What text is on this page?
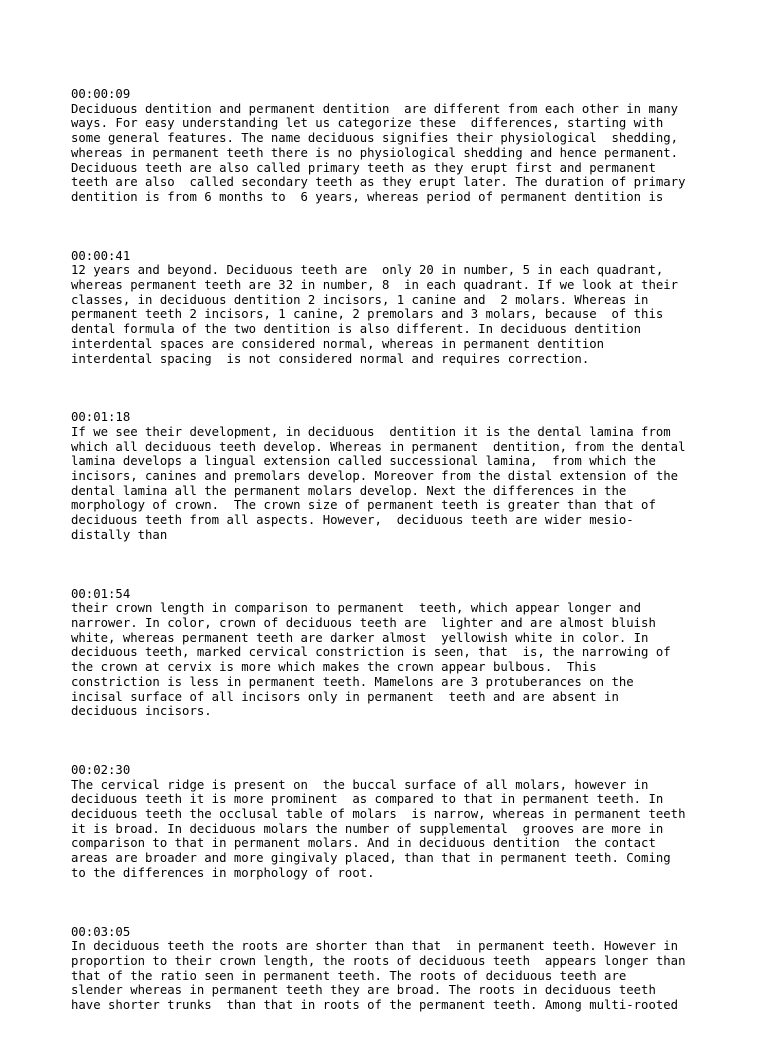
00:00:09
Deciduous dentition and permanent dentition  are different from each other in many
ways. For easy understanding let us categorize these  differences, starting with
some general features. The name deciduous signifies their physiological  shedding,
whereas in permanent teeth there is no physiological shedding and hence permanent.
Deciduous teeth are also called primary teeth as they erupt first and permanent
teeth are also  called secondary teeth as they erupt later. The duration of primary
dentition is from 6 months to  6 years, whereas period of permanent dentition is
00:00:41
12 years and beyond. Deciduous teeth are  only 20 in number, 5 in each quadrant,
whereas permanent teeth are 32 in number, 8  in each quadrant. If we look at their
classes, in deciduous dentition 2 incisors, 1 canine and  2 molars. Whereas in
permanent teeth 2 incisors, 1 canine, 2 premolars and 3 molars, because  of this
dental formula of the two dentition is also different. In deciduous dentition
interdental spaces are considered normal, whereas in permanent dentition
interdental spacing  is not considered normal and requires correction.
00:01:18
If we see their development, in deciduous  dentition it is the dental lamina from
which all deciduous teeth develop. Whereas in permanent  dentition, from the dental
lamina develops a lingual extension called successional lamina,  from which the
incisors, canines and premolars develop. Moreover from the distal extension of the
dental lamina all the permanent molars develop. Next the differences in the
morphology of crown.  The crown size of permanent teeth is greater than that of
deciduous teeth from all aspects. However,  deciduous teeth are wider mesio-
distally than
00:01:54
their crown length in comparison to permanent  teeth, which appear longer and
narrower. In color, crown of deciduous teeth are  lighter and are almost bluish
white, whereas permanent teeth are darker almost  yellowish white in color. In
deciduous teeth, marked cervical constriction is seen, that  is, the narrowing of
the crown at cervix is more which makes the crown appear bulbous.  This
constriction is less in permanent teeth. Mamelons are 3 protuberances on the
incisal surface of all incisors only in permanent  teeth and are absent in
deciduous incisors.
00:02:30
The cervical ridge is present on  the buccal surface of all molars, however in
deciduous teeth it is more prominent  as compared to that in permanent teeth. In
deciduous teeth the occlusal table of molars  is narrow, whereas in permanent teeth
it is broad. In deciduous molars the number of supplemental  grooves are more in
comparison to that in permanent molars. And in deciduous dentition  the contact
areas are broader and more gingivaly placed, than that in permanent teeth. Coming
to the differences in morphology of root.
00:03:05
In deciduous teeth the roots are shorter than that  in permanent teeth. However in
proportion to their crown length, the roots of deciduous teeth  appears longer than
that of the ratio seen in permanent teeth. The roots of deciduous teeth are
slender whereas in permanent teeth they are broad. The roots in deciduous teeth
have shorter trunks  than that in roots of the permanent teeth. Among multi-rooted
